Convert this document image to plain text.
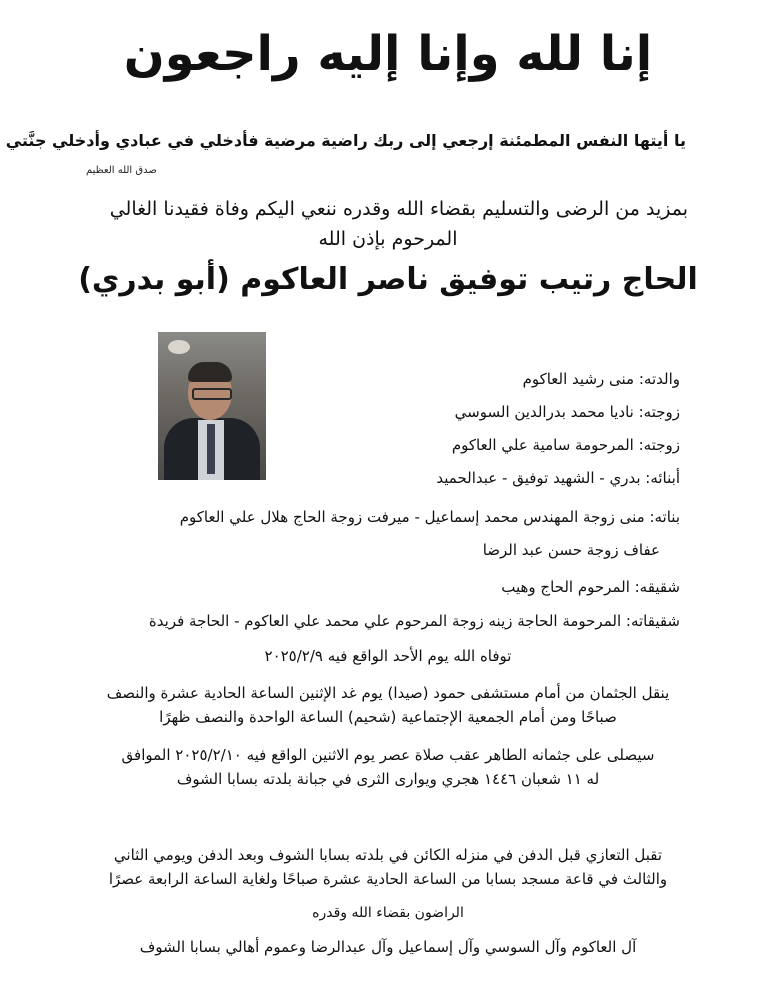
إنا لله وإنا إليه راجعون
يا أيتها النفس المطمئنة إرجعي إلى ربك راضية مرضية فأدخلي في عبادي وأدخلي جنَّتي
صدق الله العظيم
بمزيد من الرضى والتسليم بقضاء الله وقدره ننعي اليكم وفاة فقيدنا الغالي
المرحوم بإذن الله
الحاج رتيب توفيق ناصر العاكوم (أبو بدري)
والدته: منى رشيد العاكوم
زوجته: ناديا محمد بدرالدين السوسي
زوجته: المرحومة سامية علي العاكوم
أبنائه: بدري - الشهيد توفيق - عبدالحميد
بناته: منى زوجة المهندس محمد إسماعيل - ميرفت زوجة الحاج هلال علي العاكوم
عفاف زوجة حسن عبد الرضا
شقيقه: المرحوم الحاج وهيب
شقيقاته: المرحومة الحاجة زينه زوجة المرحوم علي محمد علي العاكوم - الحاجة فريدة
توفاه الله يوم الأحد الواقع فيه ٢٠٢٥/٢/٩
ينقل الجثمان من أمام مستشفى حمود (صيدا) يوم غد الإثنين الساعة الحادية عشرة والنصف
صباحًا ومن أمام الجمعية الإجتماعية (شحيم) الساعة الواحدة والنصف ظهرًا
سيصلى على جثمانه الطاهر عقب صلاة عصر يوم الاثنين الواقع فيه ٢٠٢٥/٢/١٠ الموافق
له ١١ شعبان ١٤٤٦ هجري ويوارى الثرى في جبانة بلدته بسابا الشوف
تقبل التعازي قبل الدفن في منزله الكائن في بلدته بسابا الشوف وبعد الدفن ويومي الثاني
والثالث في قاعة مسجد بسابا من الساعة الحادية عشرة صباحًا ولغاية الساعة الرابعة عصرًا
الراضون بقضاء الله وقدره
آل العاكوم وآل السوسي وآل إسماعيل وآل عبدالرضا وعموم أهالي بسابا الشوف
